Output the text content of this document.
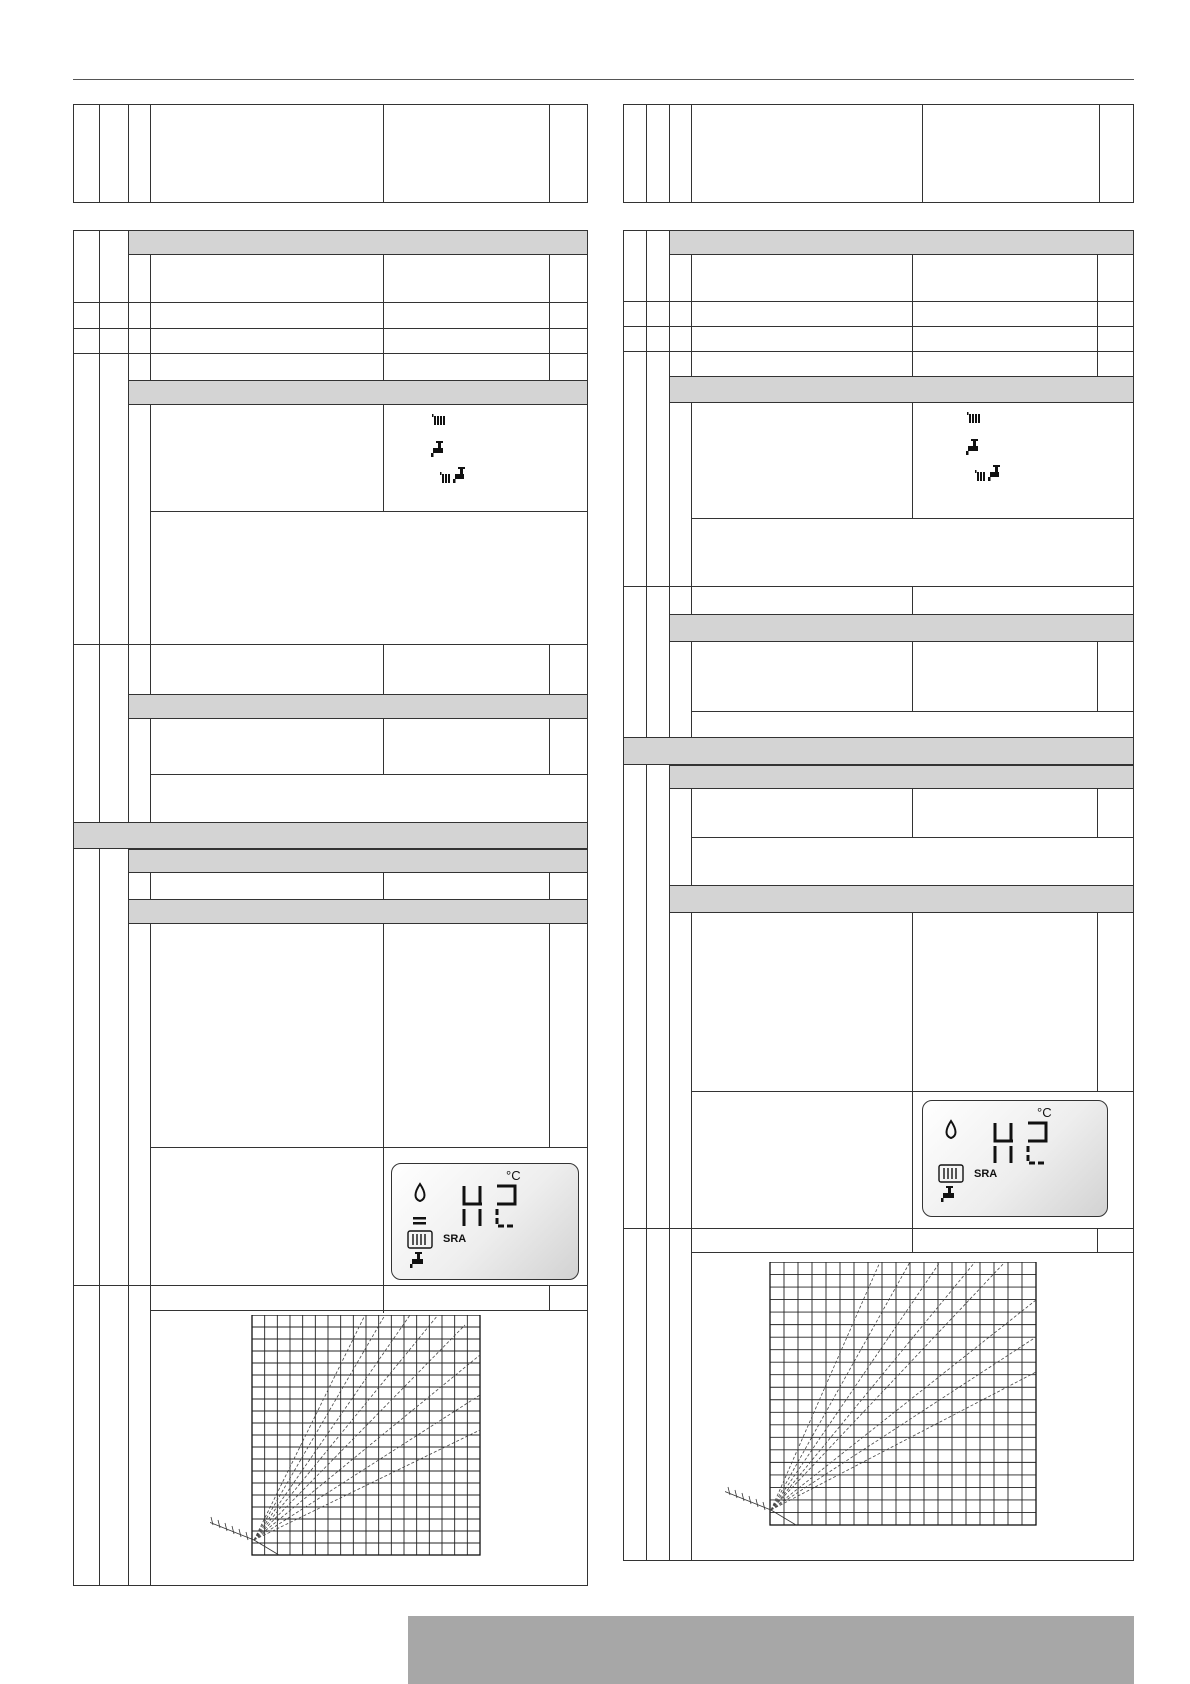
°C
SRA
°C
SRA
